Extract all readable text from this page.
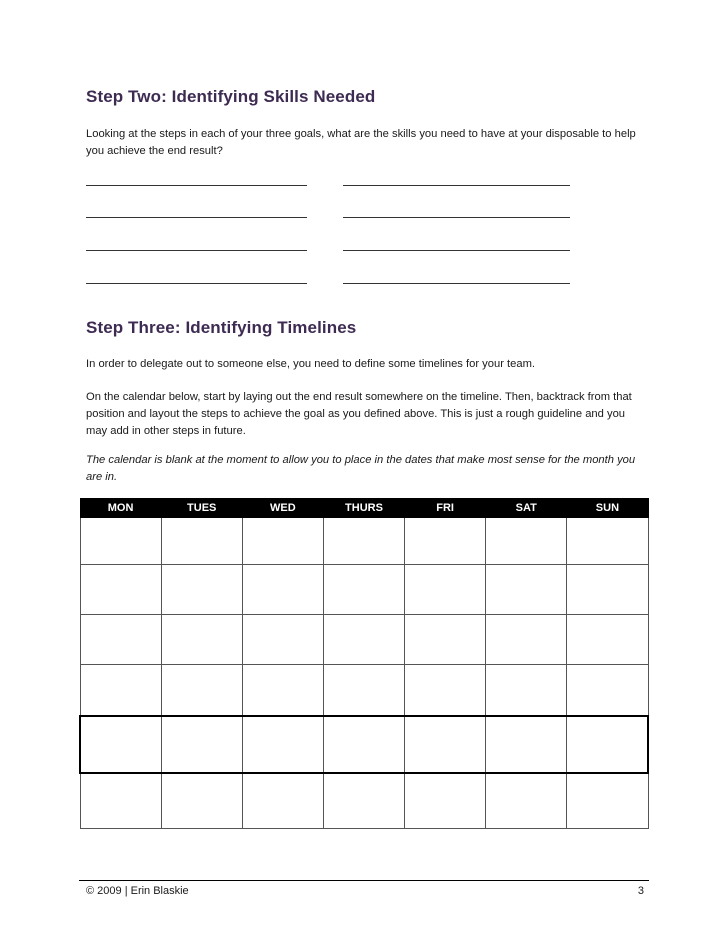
Step Two: Identifying Skills Needed

Looking at the steps in each of your three goals, what are the skills you need to have at your disposable to help you achieve the end result?

Step Three: Identifying Timelines

In order to delegate out to someone else, you need to define some timelines for your team.

On the calendar below, start by laying out the end result somewhere on the timeline. Then, backtrack from that position and layout the steps to achieve the goal as you defined above. This is just a rough guideline and you may add in other steps in future.

The calendar is blank at the moment to allow you to place in the dates that make most sense for the month you are in.

MON	TUES	WED	THURS	FRI	SAT	SUN

© 2009 | Erin Blaskie	3
